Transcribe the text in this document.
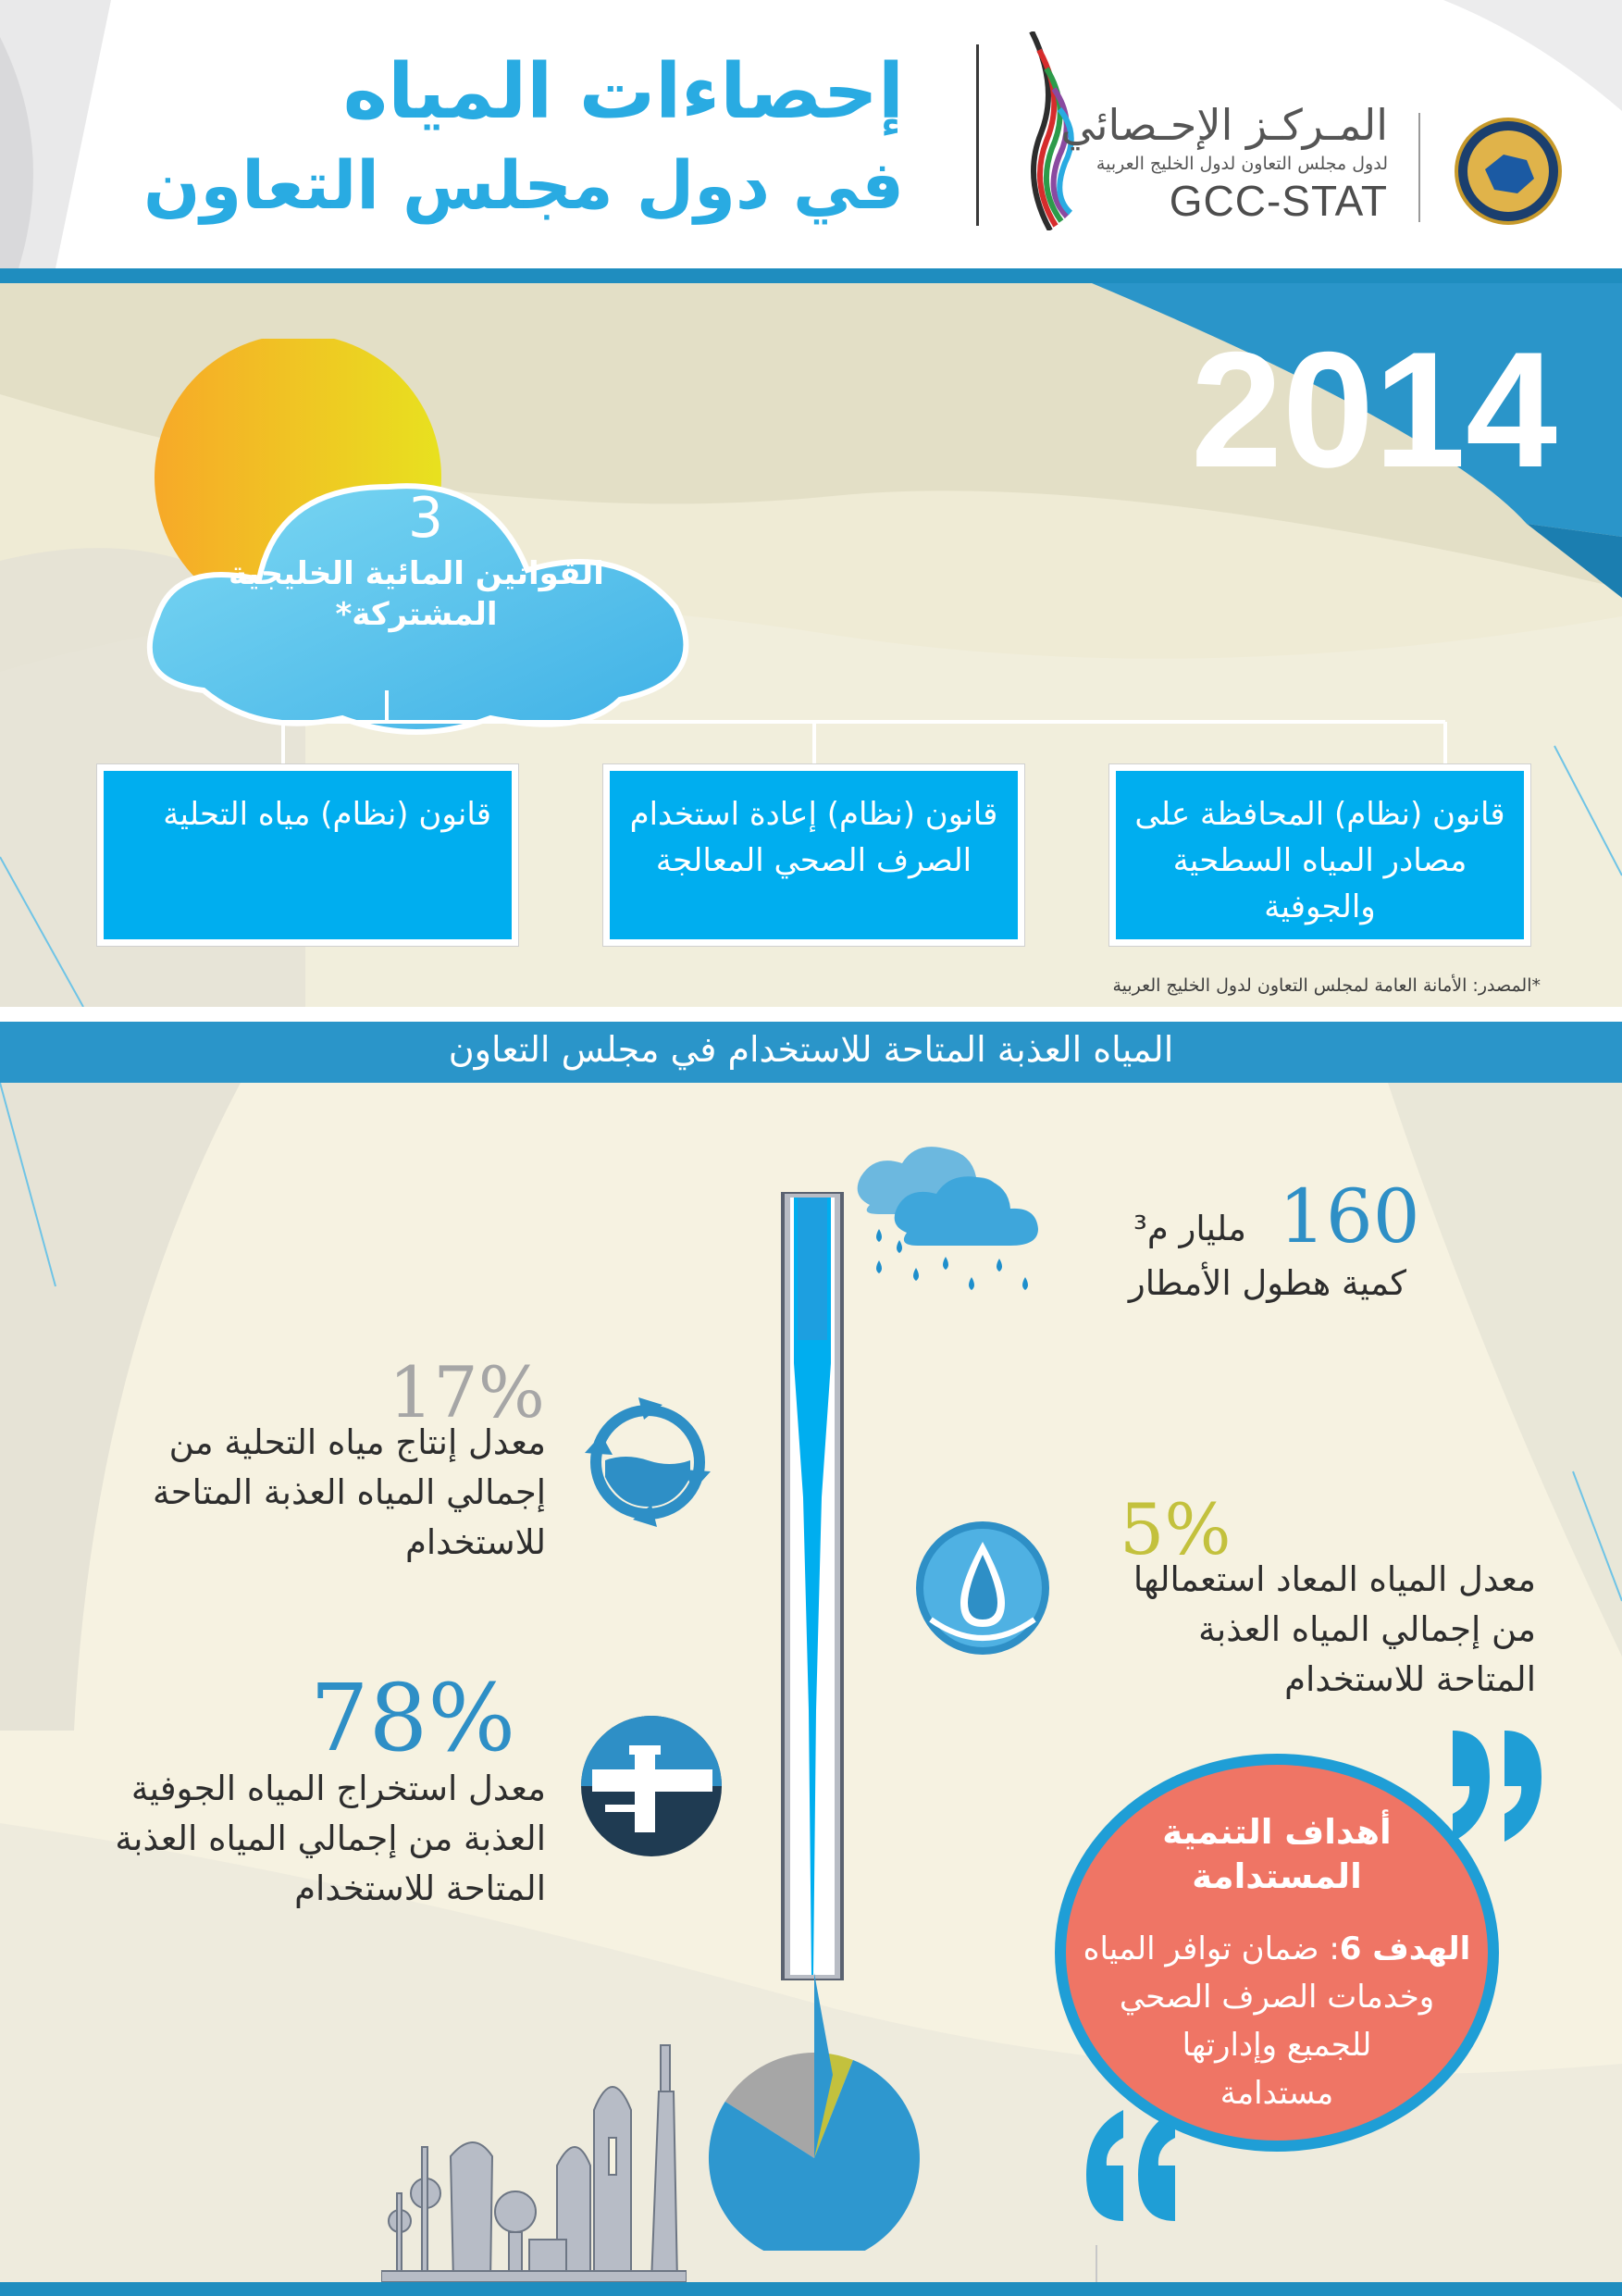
المـركـز الإحـصائي
لدول مجلس التعاون لدول الخليج العربية
GCC-STAT
إحصاءات المياه
في دول مجلس التعاون
2014
3
القوانين المائية الخليجية
المشتركة*
قانون (نظام) المحافظة على مصادر المياه السطحية والجوفية
قانون (نظام) إعادة استخدام الصرف الصحي المعالجة
قانون (نظام) مياه التحلية
*المصدر: الأمانة العامة لمجلس التعاون لدول الخليج العربية
المياه العذبة المتاحة للاستخدام في مجلس التعاون
أهداف التنمية
المستدامة
الهدف 6: ضمان توافر المياه
وخدمات الصرف الصحي
للجميع وإدارتها
مستدامة
160
مليار م³
كمية هطول الأمطار
17%
معدل إنتاج مياه التحلية من إجمالي المياه العذبة المتاحة للاستخدام	5%
معدل المياه المعاد استعمالها من إجمالي المياه العذبة المتاحة للاستخدام
78%
معدل استخراج المياه الجوفية العذبة من إجمالي المياه العذبة المتاحة للاستخدام
